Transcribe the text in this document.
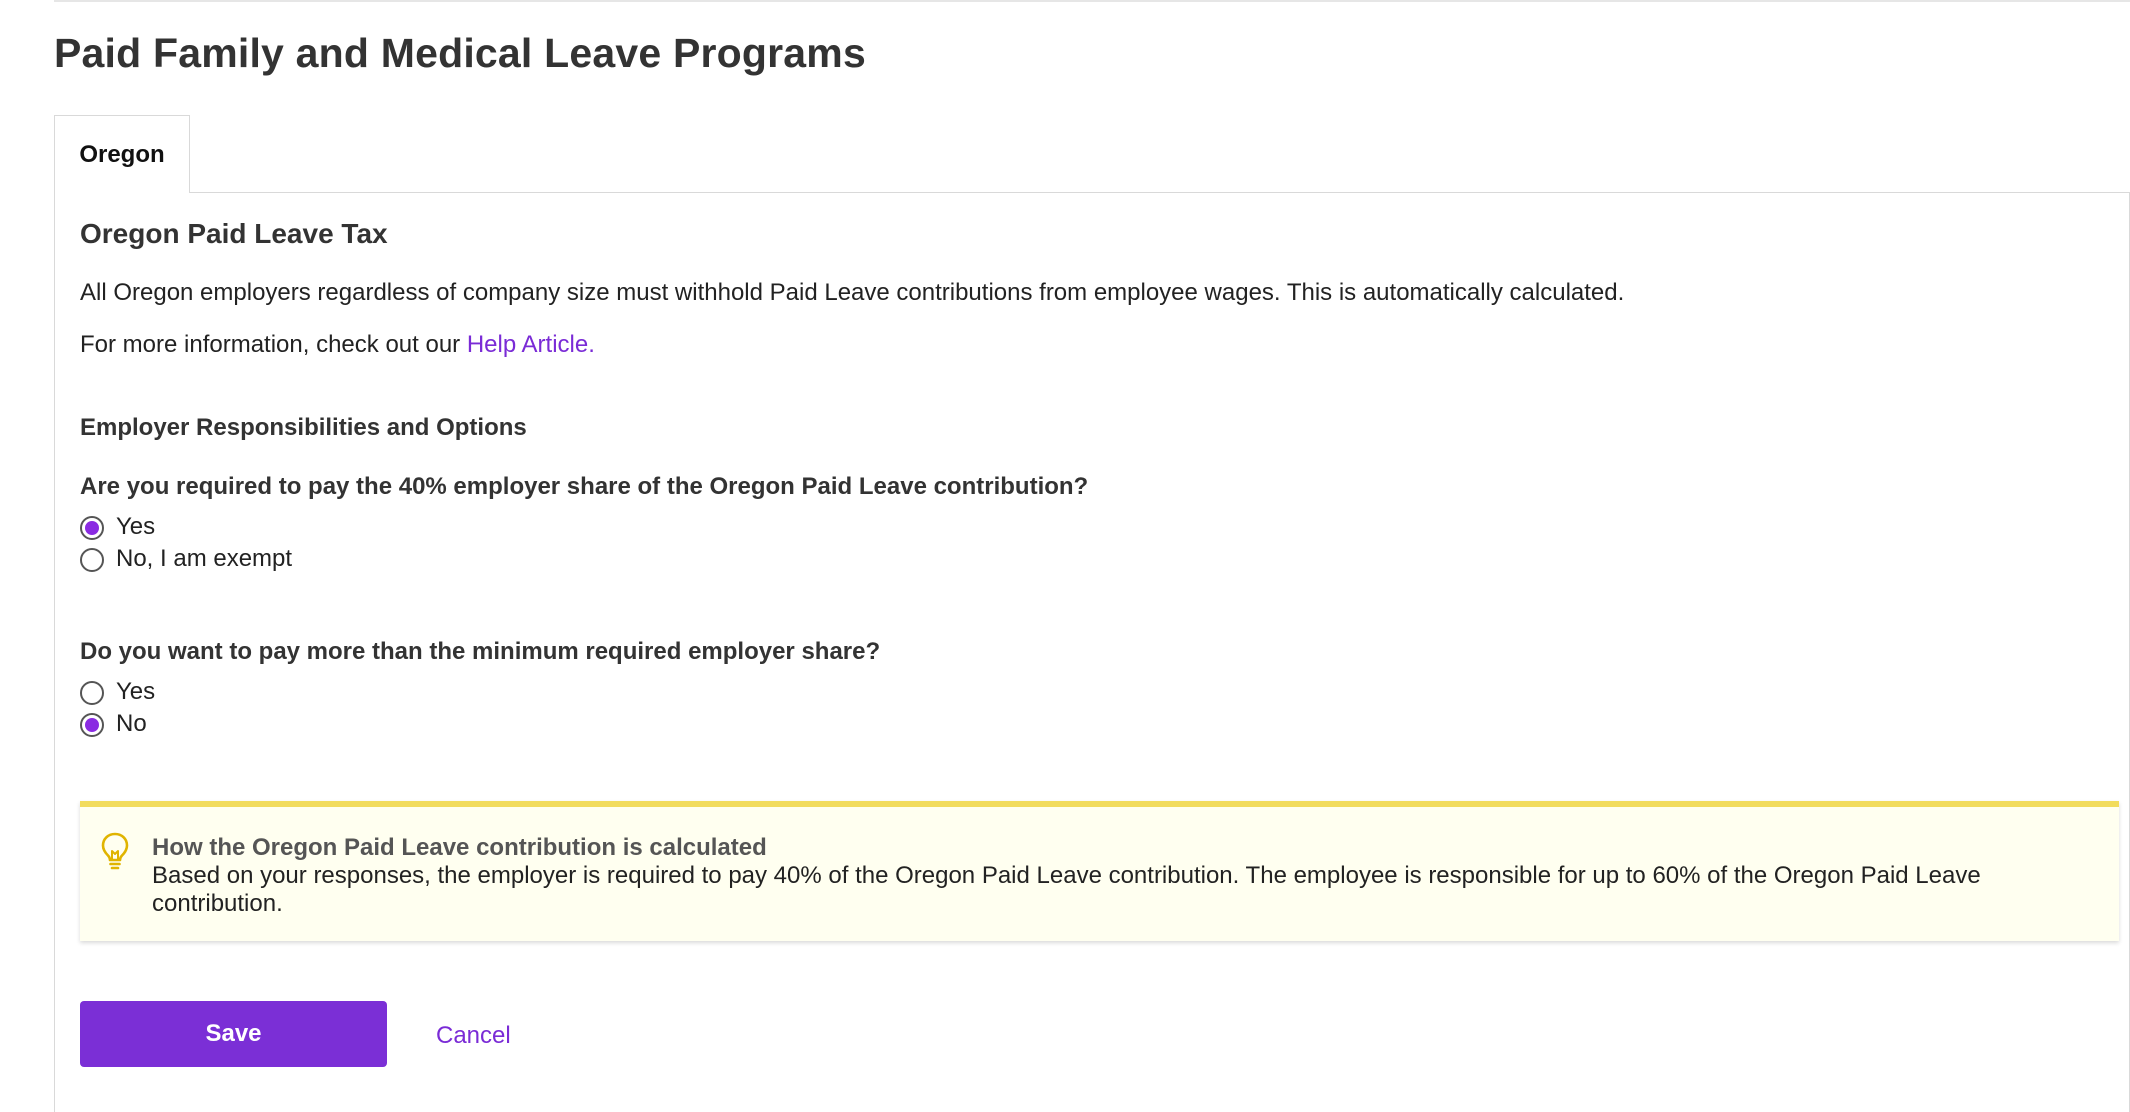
Paid Family and Medical Leave Programs
Oregon
Oregon Paid Leave Tax

All Oregon employers regardless of company size must withhold Paid Leave contributions from employee wages. This is automatically calculated.

For more information, check out our Help Article.

Employer Responsibilities and Options

Are you required to pay the 40% employer share of the Oregon Paid Leave contribution?

Yes
No, I am exempt

Do you want to pay more than the minimum required employer share?

Yes
No

How the Oregon Paid Leave contribution is calculated

Based on your responses, the employer is required to pay 40% of the Oregon Paid Leave contribution. The employee is responsible for up to 60% of the Oregon Paid Leave contribution.

Save	Cancel
